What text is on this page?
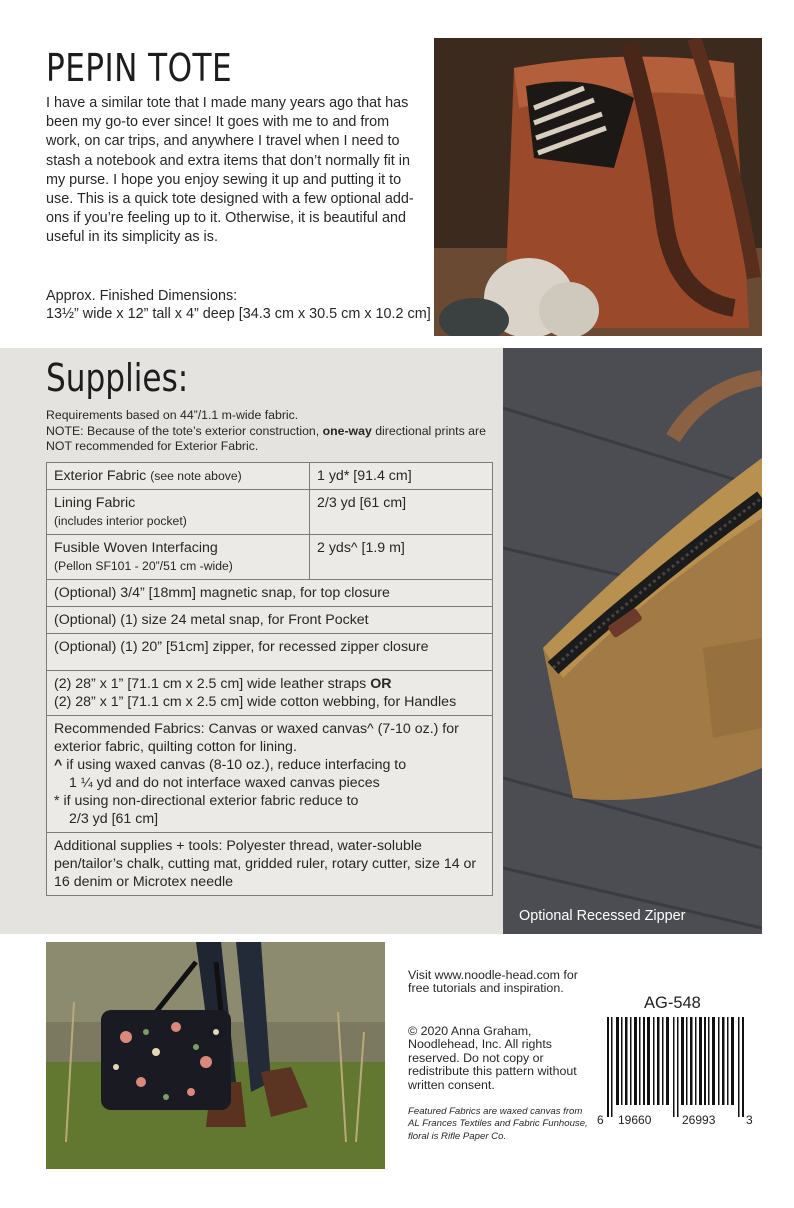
PEPIN TOTE

I have a similar tote that I made many years ago that has been my go-to ever since! It goes with me to and from work, on car trips, and anywhere I travel when I need to stash a notebook and extra items that don’t normally fit in my purse. I hope you enjoy sewing it up and putting it to use. This is a quick tote designed with a few optional add-ons if you’re feeling up to it. Otherwise, it is beautiful and useful in its simplicity as is.

Approx. Finished Dimensions:
13½” wide x 12” tall x 4” deep [34.3 cm x 30.5 cm x 10.2 cm]
Supplies:
Requirements based on 44”/1.1 m-wide fabric.
NOTE: Because of the tote’s exterior construction, one-way directional prints are NOT recommended for Exterior Fabric.
Exterior Fabric (see note above)	1 yd* [91.4 cm]
Lining Fabric
(includes interior pocket)	2/3 yd [61 cm]
Fusible Woven Interfacing
(Pellon SF101 - 20”/51 cm -wide)	2 yds^ [1.9 m]
(Optional) 3/4” [18mm] magnetic snap, for top closure	
(Optional) (1) size 24 metal snap, for Front Pocket	
(Optional) (1) 20” [51cm] zipper, for recessed zipper closure	
(2) 28” x 1” [71.1 cm x 2.5 cm] wide leather straps OR
(2) 28” x 1” [71.1 cm x 2.5 cm] wide cotton webbing, for Handles	

Recommended Fabrics: Canvas or waxed canvas^ (7-10 oz.) for exterior fabric, quilting cotton for lining.
^ if using waxed canvas (8-10 oz.), reduce interfacing to
1 ¼ yd and do not interface waxed canvas pieces
* if using non-directional exterior fabric reduce to
2/3 yd [61 cm]	

Additional supplies + tools: Polyester thread, water-soluble pen/tailor’s chalk, cutting mat, gridded ruler, rotary cutter, size 14 or 16 denim or Microtex needle	
Optional Recessed Zipper
Visit www.noodle-head.com for free tutorials and inspiration.
© 2020 Anna Graham, Noodlehead, Inc. All rights reserved. Do not copy or redistribute this pattern without written consent.
Featured Fabrics are waxed canvas from AL Frances Textiles and Fabric Funhouse, floral is Rifle Paper Co.
AG-548
6 19660	26993	3
